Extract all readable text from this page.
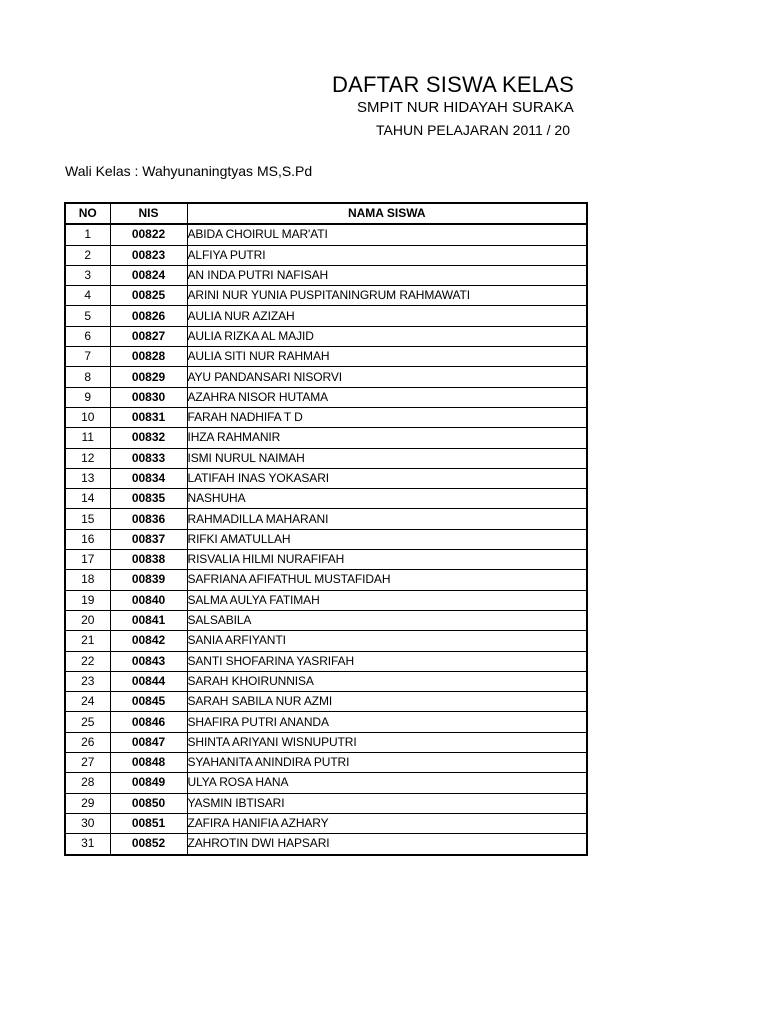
DAFTAR SISWA KELAS
SMPIT NUR HIDAYAH SURAKA
TAHUN PELAJARAN 2011 / 20
Wali Kelas : Wahyunaningtyas MS,S.Pd
NO	NIS	NAMA SISWA
1	00822	ABIDA CHOIRUL MAR'ATI
2	00823	ALFIYA PUTRI
3	00824	AN INDA PUTRI NAFISAH
4	00825	ARINI NUR YUNIA PUSPITANINGRUM RAHMAWATI
5	00826	AULIA NUR AZIZAH
6	00827	AULIA RIZKA AL MAJID
7	00828	AULIA SITI NUR RAHMAH
8	00829	AYU PANDANSARI NISORVI
9	00830	AZAHRA NISOR HUTAMA
10	00831	FARAH NADHIFA T D
11	00832	IHZA RAHMANIR
12	00833	ISMI NURUL NAIMAH
13	00834	LATIFAH INAS YOKASARI
14	00835	NASHUHA
15	00836	RAHMADILLA MAHARANI
16	00837	RIFKI AMATULLAH
17	00838	RISVALIA HILMI NURAFIFAH
18	00839	SAFRIANA AFIFATHUL MUSTAFIDAH
19	00840	SALMA AULYA FATIMAH
20	00841	SALSABILA
21	00842	SANIA ARFIYANTI
22	00843	SANTI SHOFARINA YASRIFAH
23	00844	SARAH KHOIRUNNISA
24	00845	SARAH SABILA NUR AZMI
25	00846	SHAFIRA PUTRI ANANDA
26	00847	SHINTA ARIYANI WISNUPUTRI
27	00848	SYAHANITA ANINDIRA PUTRI
28	00849	ULYA ROSA HANA
29	00850	YASMIN IBTISARI
30	00851	ZAFIRA HANIFIA AZHARY
31	00852	ZAHROTIN DWI HAPSARI
